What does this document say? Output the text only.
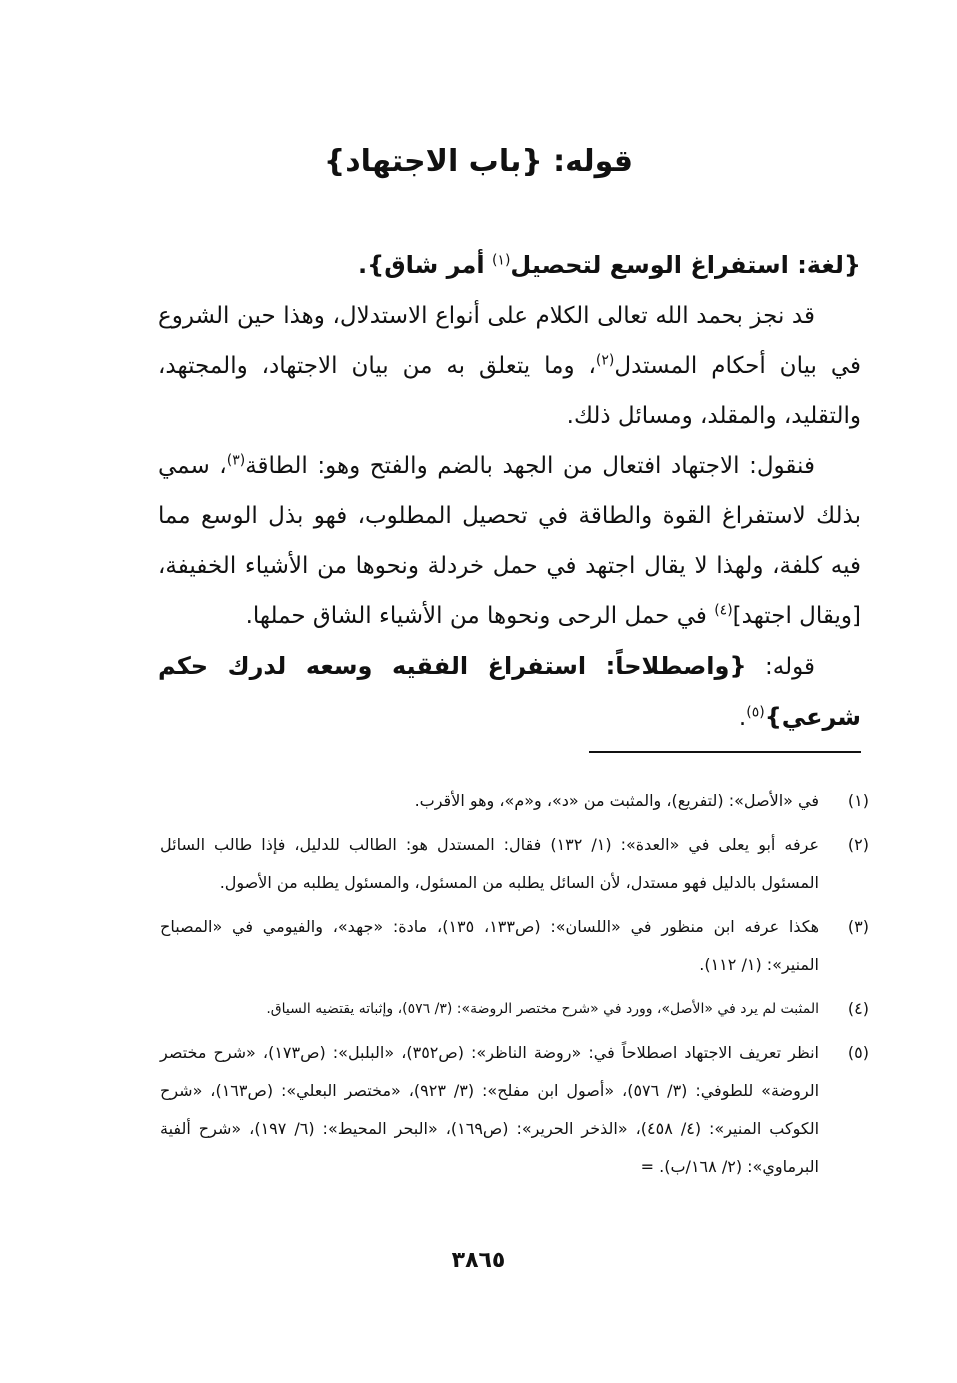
قوله: {باب الاجتهاد}

{لغة: استفراغ الوسع لتحصيل$^{(١)}$ أمر شاق}.

قد نجز بحمد الله تعالى الكلام على أنواع الاستدلال، وهذا حين الشروع في بيان أحكام المستدل$^{(٢)}$، وما يتعلق به من بيان الاجتهاد، والمجتهد، والتقليد، والمقلد، ومسائل ذلك.

فنقول: الاجتهاد افتعال من الجهد بالضم والفتح وهو: الطاقة$^{(٣)}$، سمي بذلك لاستفراغ القوة والطاقة في تحصيل المطلوب، فهو بذل الوسع مما فيه كلفة، ولهذا لا يقال اجتهد في حمل خردلة ونحوها من الأشياء الخفيفة، [ويقال اجتهد]$^{(٤)}$ في حمل الرحى ونحوها من الأشياء الشاق حملها.

قوله: {واصطلاحاً: استفراغ الفقيه وسعه لدرك حكم شرعي}$^{(٥)}$.

(١)
في «الأصل»: (لتفريع)، والمثبت من «د»، و«م»، وهو الأقرب.
(٢)
عرفه أبو يعلى في «العدة»: (١/ ١٣٢) فقال: المستدل هو: الطالب للدليل، فإذا طالب السائل المسئول بالدليل فهو مستدل، لأن السائل يطلبه من المسئول، والمسئول يطلبه من الأصول.
(٣)
هكذا عرفه ابن منظور في «اللسان»: (ص١٣٣، ١٣٥)، مادة: «جهد»، والفيومي في «المصباح المنير»: (١/ ١١٢).
(٤)
المثبت لم يرد في «الأصل»، وورد في «شرح مختصر الروضة»: (٣/ ٥٧٦)، وإثباته يقتضيه السياق.
(٥)
انظر تعريف الاجتهاد اصطلاحاً في: «روضة الناظر»: (ص٣٥٢)، «البلبل»: (ص١٧٣)، «شرح مختصر الروضة» للطوفي: (٣/ ٥٧٦)، «أصول ابن مفلح»: (٣/ ٩٢٣)، «مختصر البعلي»: (ص١٦٣)، «شرح الكوكب المنير»: (٤/ ٤٥٨)، «الذخر الحرير»: (ص١٦٩)، «البحر المحيط»: (٦/ ١٩٧)، «شرح ألفية البرماوي»: (٢/ ١٦٨/ب). =
٣٨٦٥
